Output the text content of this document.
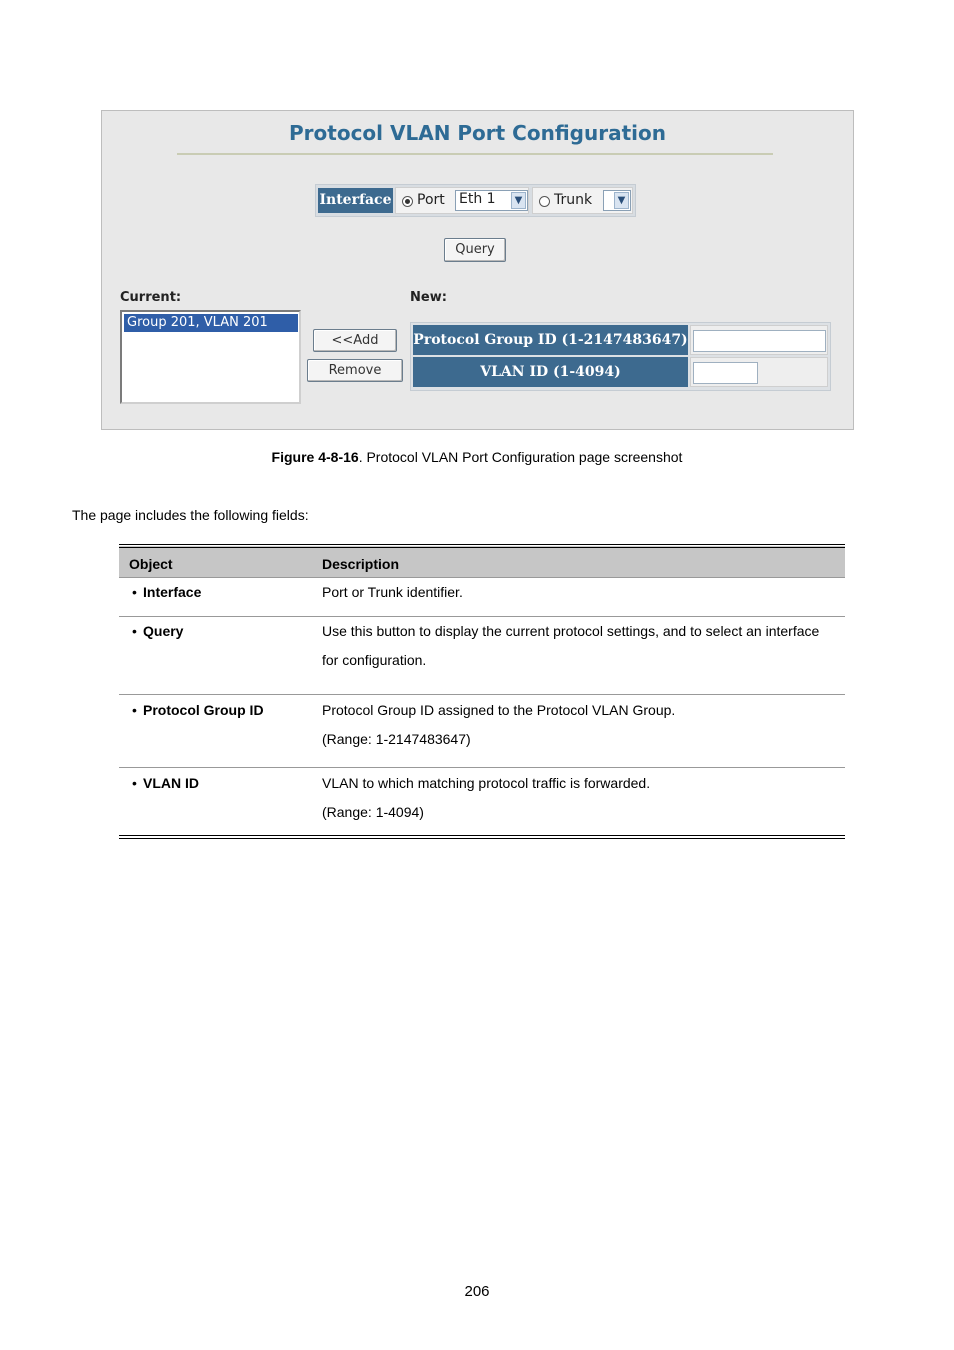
Protocol VLAN Port Configuration
Interface Port Eth 1	▼ Trunk	▼
Query
Current:	New:
Group 201, VLAN 201
<<Add
Remove
Protocol Group ID (1-2147483647)
VLAN ID (1-4094)
Figure 4-8-16. Protocol VLAN Port Configuration page screenshot
The page includes the following fields:
Object	Description
• Interface	Port or Trunk identifier.

• Query	Use this button to display the current protocol settings, and to select an interface
for configuration.

• Protocol Group ID	Protocol Group ID assigned to the Protocol VLAN Group.
(Range: 1-2147483647)

• VLAN ID	VLAN to which matching protocol traffic is forwarded.
(Range: 1-4094)
206
